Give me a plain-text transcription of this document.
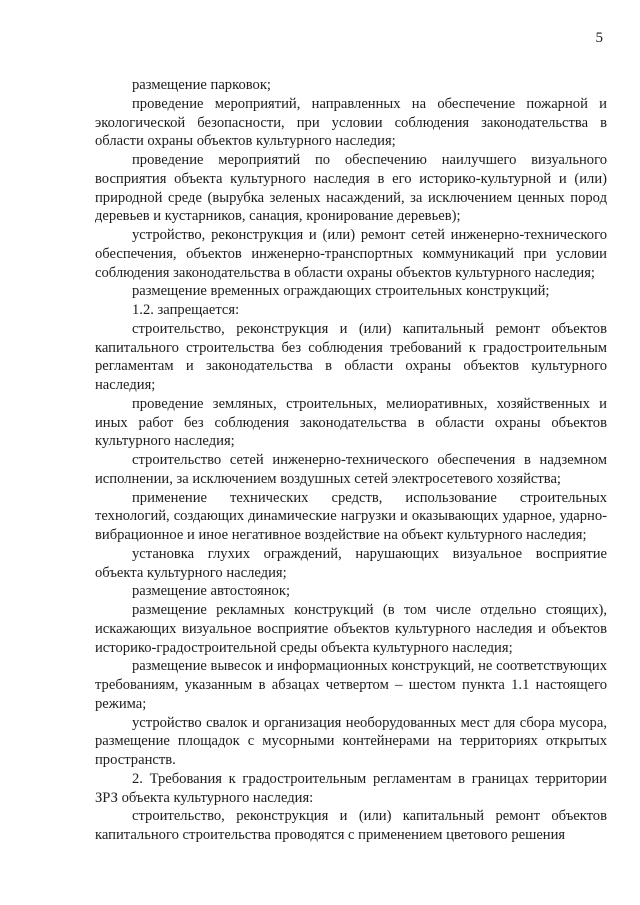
5

размещение парковок;

проведение мероприятий, направленных на обеспечение пожарной и экологической безопасности, при условии соблюдения законодательства в области охраны объектов культурного наследия;

проведение мероприятий по обеспечению наилучшего визуального восприятия объекта культурного наследия в его историко-культурной и (или) природной среде (вырубка зеленых насаждений, за исключением ценных пород деревьев и кустарников, санация, кронирование деревьев);

устройство, реконструкция и (или) ремонт сетей инженерно-технического обеспечения, объектов инженерно-транспортных коммуникаций при условии соблюдения законодательства в области охраны объектов культурного наследия;

размещение временных ограждающих строительных конструкций;

1.2. запрещается:

строительство, реконструкция и (или) капитальный ремонт объектов капитального строительства без соблюдения требований к градостроительным регламентам и законодательства в области охраны объектов культурного наследия;

проведение земляных, строительных, мелиоративных, хозяйственных и иных работ без соблюдения законодательства в области охраны объектов культурного наследия;

строительство сетей инженерно-технического обеспечения в надземном исполнении, за исключением воздушных сетей электросетевого хозяйства;

применение технических средств, использование строительных технологий, создающих динамические нагрузки и оказывающих ударное, ударно-вибрационное и иное негативное воздействие на объект культурного наследия;

установка глухих ограждений, нарушающих визуальное восприятие объекта культурного наследия;

размещение автостоянок;

размещение рекламных конструкций (в том числе отдельно стоящих), искажающих визуальное восприятие объектов культурного наследия и объектов историко-градостроительной среды объекта культурного наследия;

размещение вывесок и информационных конструкций, не соответствующих требованиям, указанным в абзацах четвертом – шестом пункта 1.1 настоящего режима;

устройство свалок и организация необорудованных мест для сбора мусора, размещение площадок с мусорными контейнерами на территориях открытых пространств.

2. Требования к градостроительным регламентам в границах территории ЗРЗ объекта культурного наследия:

строительство, реконструкция и (или) капитальный ремонт объектов капитального строительства проводятся с применением цветового решения
